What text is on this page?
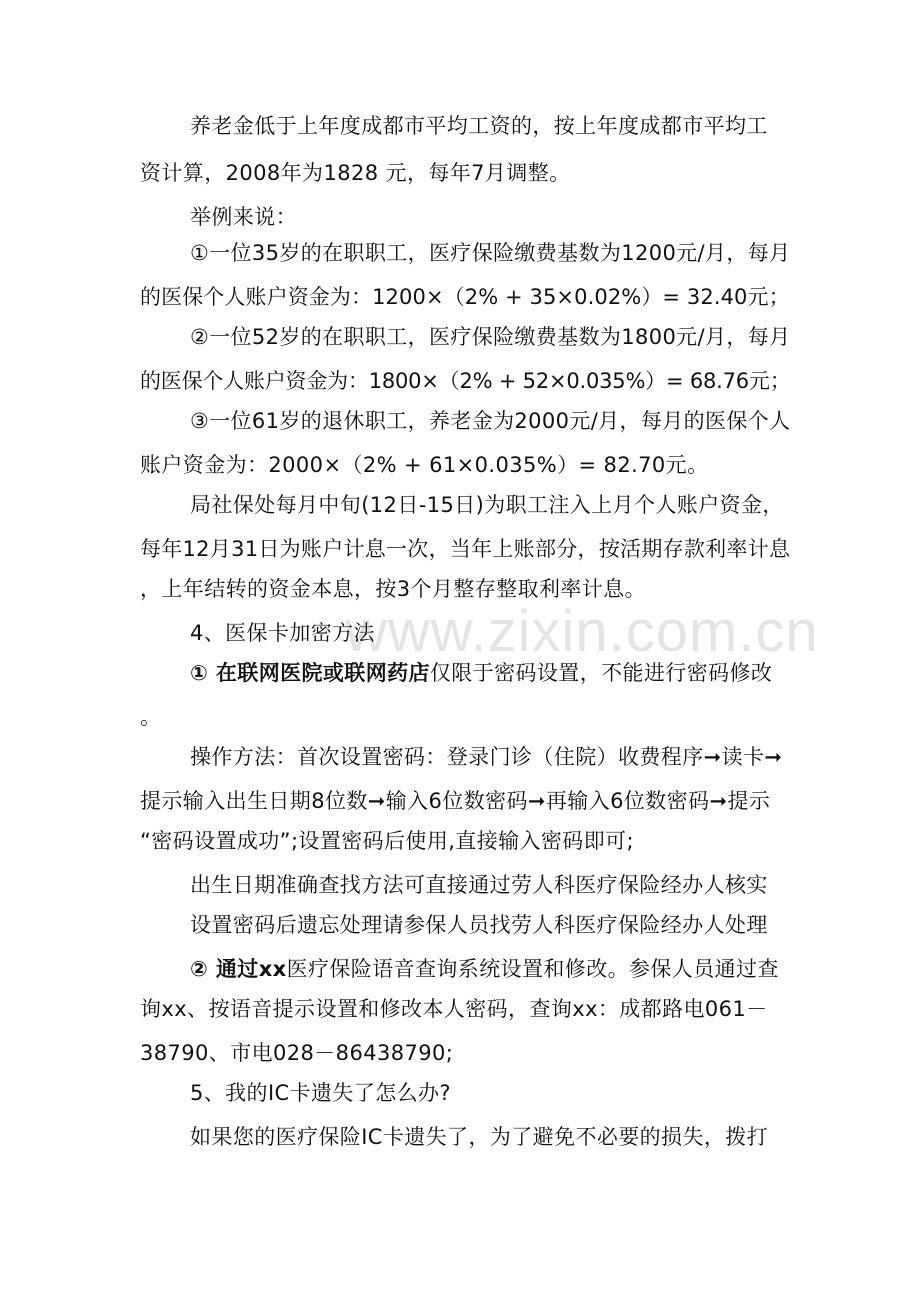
www.zixin.com.cn
养老金低于上年度成都市平均工资的，按上年度成都市平均工
资计算，2008年为1828 元，每年7月调整。
举例来说：
①一位35岁的在职职工，医疗保险缴费基数为1200元/月，每月
的医保个人账户资金为：1200×（2% + 35×0.02%）= 32.40元；
②一位52岁的在职职工，医疗保险缴费基数为1800元/月，每月
的医保个人账户资金为：1800×（2% + 52×0.035%）= 68.76元；
③一位61岁的退休职工，养老金为2000元/月，每月的医保个人
账户资金为：2000×（2% + 61×0.035%）= 82.70元。
局社保处每月中旬(12日-15日)为职工注入上月个人账户资金，
每年12月31日为账户计息一次，当年上账部分，按活期存款利率计息
，上年结转的资金本息，按3个月整存整取利率计息。
4、医保卡加密方法
① 在联网医院或联网药店仅限于密码设置，不能进行密码修改
。
操作方法：首次设置密码：登录门诊（住院）收费程序➞读卡➞
提示输入出生日期8位数➞输入6位数密码➞再输入6位数密码➞提示
“密码设置成功”;设置密码后使用,直接输入密码即可;
出生日期准确查找方法可直接通过劳人科医疗保险经办人核实
设置密码后遗忘处理请参保人员找劳人科医疗保险经办人处理
② 通过xx医疗保险语音查询系统设置和修改。参保人员通过查
询xx、按语音提示设置和修改本人密码，查询xx：成都路电061－
38790、市电028－86438790;
5、我的IC卡遗失了怎么办?
如果您的医疗保险IC卡遗失了，为了避免不必要的损失，拨打
